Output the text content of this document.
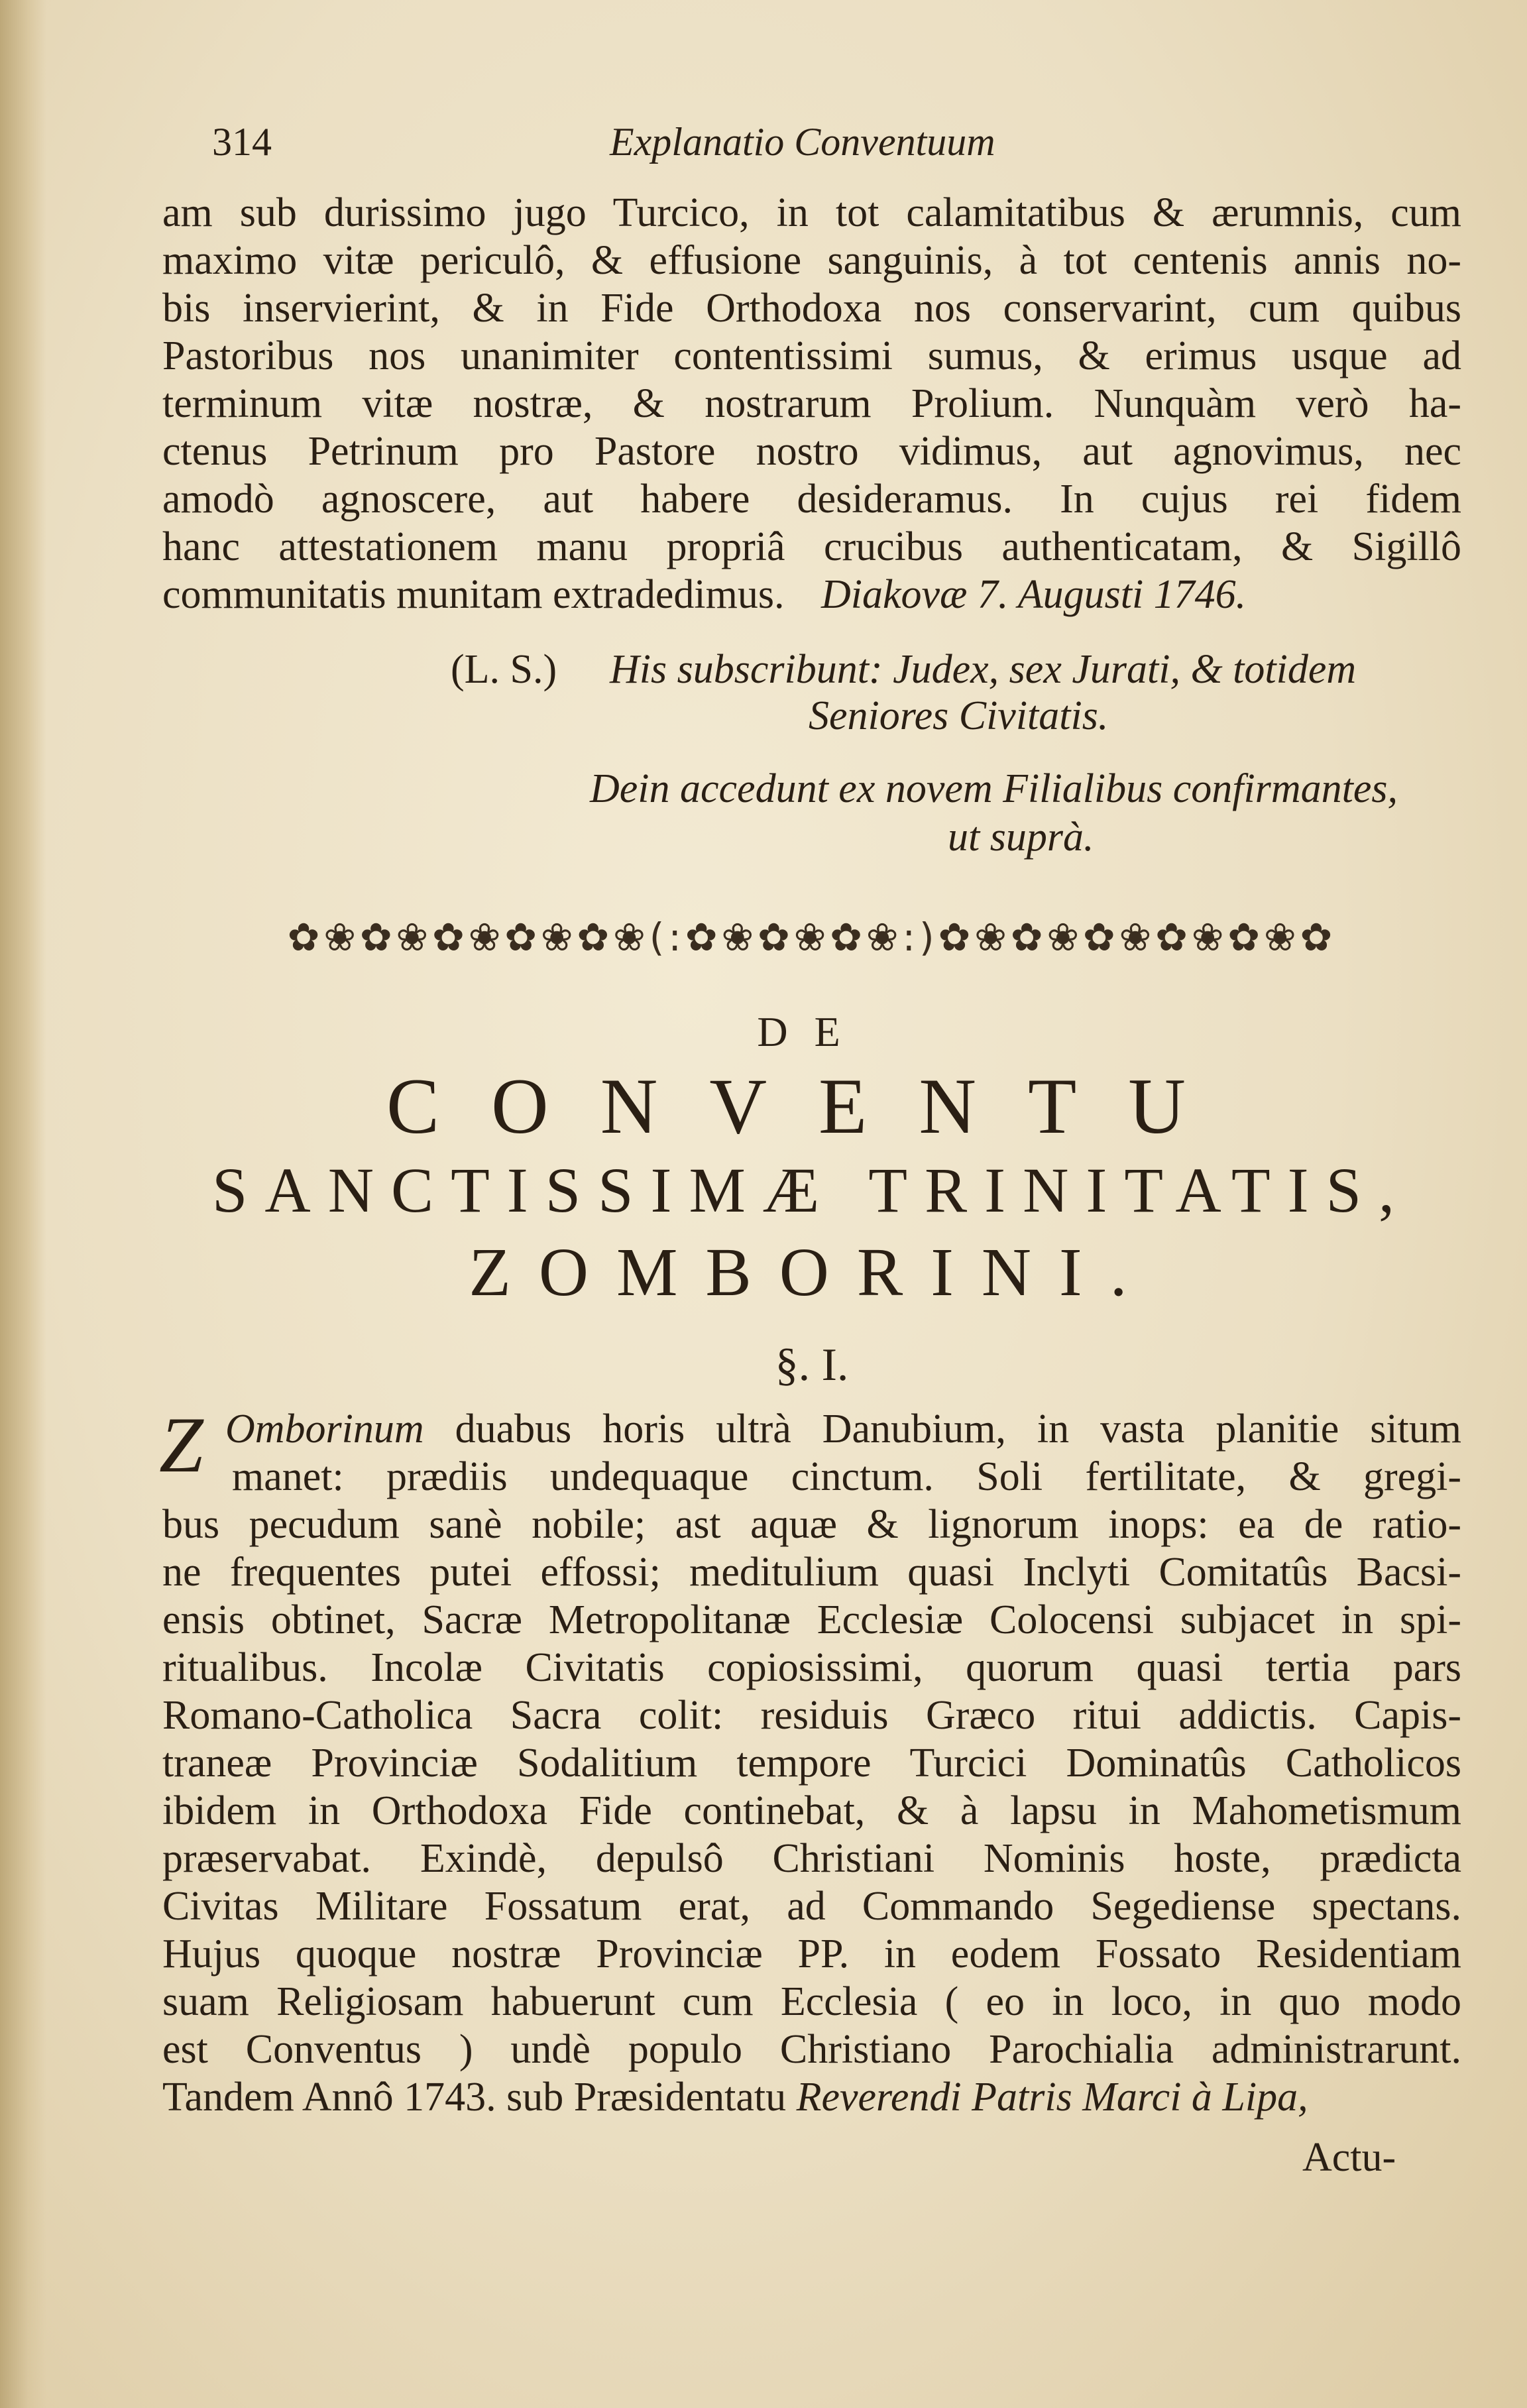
314	Explanatio Conventuum
am sub durissimo jugo Turcico, in tot calamitatibus & ærumnis, cum
maximo vitæ periculô, & effusione sanguinis, à tot centenis annis no-
bis inservierint, & in Fide Orthodoxa nos conservarint, cum quibus
Pastoribus nos unanimiter contentissimi sumus, & erimus usque ad
terminum vitæ nostræ, & nostrarum Prolium. Nunquàm verò ha-
ctenus Petrinum pro Pastore nostro vidimus, aut agnovimus, nec
amodò agnoscere, aut habere desideramus. In cujus rei fidem
hanc attestationem manu propriâ crucibus authenticatam, & Sigillô
communitatis munitam extradedimus. Diakovæ 7. Augusti 1746.
(L. S.) His subscribunt: Judex, sex Jurati, & totidem
Seniores Civitatis.
Dein accedunt ex novem Filialibus confirmantes,
ut suprà.
✿❀✿❀✿❀✿❀✿❀(:✿❀✿❀✿❀:)✿❀✿❀✿❀✿❀✿❀✿
DE
CONVENTU
SANCTISSIMÆ TRINITATIS,
ZOMBORINI.
§. I.
Z Omborinum duabus horis ultrà Danubium, in vasta planitie situm
manet: prædiis undequaque cinctum. Soli fertilitate, & gregi-
bus pecudum sanè nobile; ast aquæ & lignorum inops: ea de ratio-
ne frequentes putei effossi; meditulium quasi Inclyti Comitatûs Bacsi-
ensis obtinet, Sacræ Metropolitanæ Ecclesiæ Colocensi subjacet in spi-
ritualibus. Incolæ Civitatis copiosissimi, quorum quasi tertia pars
Romano-Catholica Sacra colit: residuis Græco ritui addictis. Capis-
traneæ Provinciæ Sodalitium tempore Turcici Dominatûs Catholicos
ibidem in Orthodoxa Fide continebat, & à lapsu in Mahometismum
præservabat. Exindè, depulsô Christiani Nominis hoste, prædicta
Civitas Militare Fossatum erat, ad Commando Segediense spectans.
Hujus quoque nostræ Provinciæ PP. in eodem Fossato Residentiam
suam Religiosam habuerunt cum Ecclesia ( eo in loco, in quo modo
est Conventus ) undè populo Christiano Parochialia administrarunt.
Tandem Annô 1743. sub Præsidentatu Reverendi Patris Marci à Lipa,
Actu-
